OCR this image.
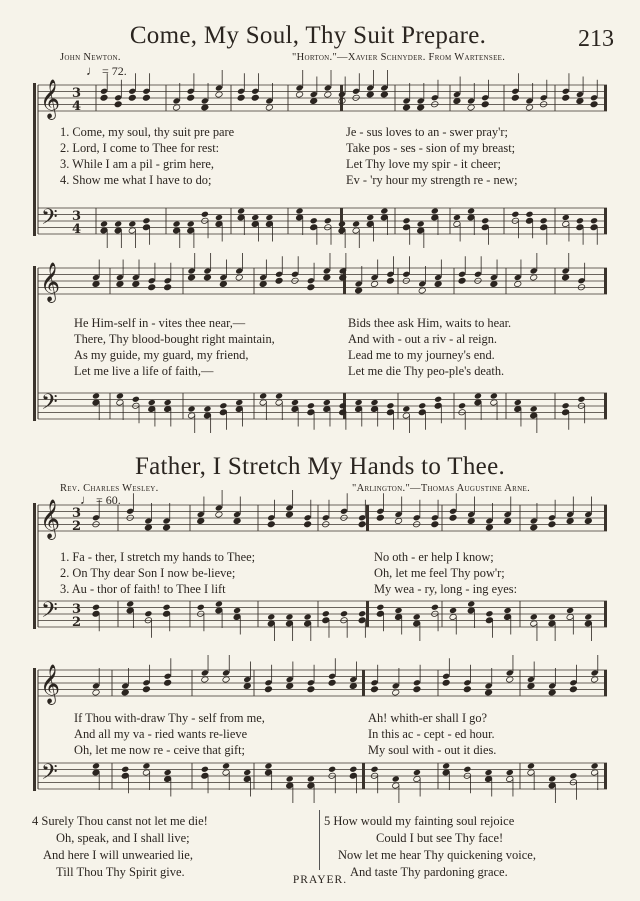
213
Come, My Soul, Thy Suit Prepare.
John Newton.	"Horton."—Xavier Schnyder. From Wartensee.
♩ = 72.
Father, I Stretch My Hands to Thee.
Rev. Charles Wesley.	"Arlington."—Thomas Augustine Arne.
♩ = 60.
𝄞
𝄢
3
4
3
4
𝄞
𝄢
𝄞
𝄢
3
2
3
2
𝄞
𝄢
1. Come, my soul, thy suit pre pare
2. Lord, I come to Thee for rest:
3. While I am a pil - grim here,
4. Show me what I have to do;
Je - sus loves to an - swer pray'r;
Take pos - ses - sion of my breast;
Let Thy love my spir - it cheer;
Ev - 'ry hour my strength re - new;
He Him-self in - vites thee near,—
There, Thy blood-bought right maintain,
As my guide, my guard, my friend,
Let me live a life of faith,—
Bids thee ask Him, waits to hear.
And with - out a riv - al reign.
Lead me to my journey's end.
Let me die Thy peo-ple's death.
1. Fa - ther, I stretch my hands to Thee;
2. On Thy dear Son I now be-lieve;
3. Au - thor of faith! to Thee I lift
No oth - er help I know;
Oh, let me feel Thy pow'r;
My wea - ry, long - ing eyes:
If Thou with-draw Thy - self from me,
And all my va - ried wants re-lieve
Oh, let me now re - ceive that gift;
Ah! whith-er shall I go?
In this ac - cept - ed hour.
My soul with - out it dies.
4 Surely Thou canst not let me die!
Oh, speak, and I shall live;
And here I will unwearied lie,
Till Thou Thy Spirit give.
5 How would my fainting soul rejoice
Could I but see Thy face!
Now let me hear Thy quickening voice,
And taste Thy pardoning grace.
PRAYER.
